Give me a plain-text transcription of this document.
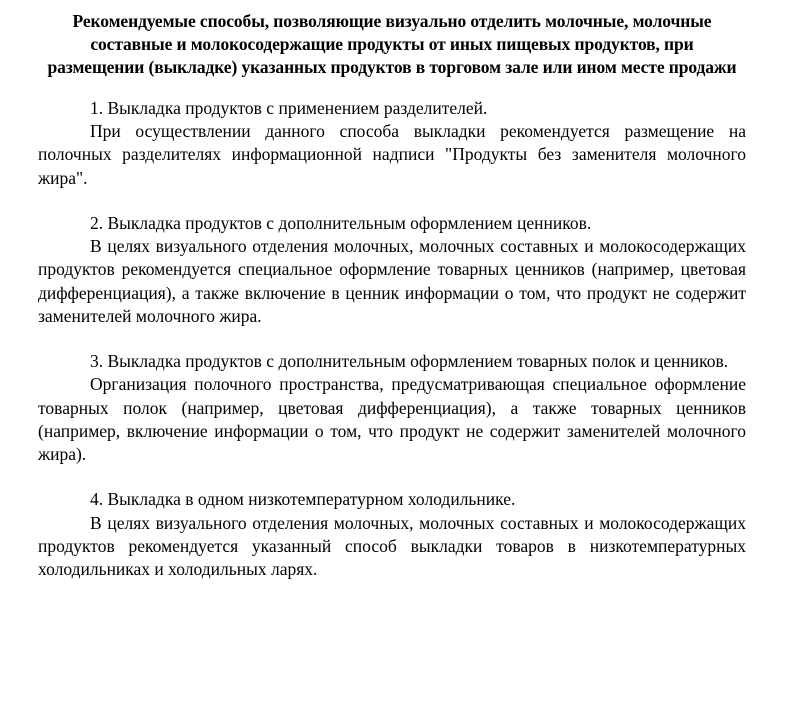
Рекомендуемые способы, позволяющие визуально отделить молочные, молочные составные и молокосодержащие продукты от иных пищевых продуктов, при размещении (выкладке) указанных продуктов в торговом зале или ином месте продажи

1. Выкладка продуктов с применением разделителей.

При осуществлении данного способа выкладки рекомендуется размещение на полочных разделителях информационной надписи "Продукты без заменителя молочного жира".

2. Выкладка продуктов с дополнительным оформлением ценников.

В целях визуального отделения молочных, молочных составных и молокосодержащих продуктов рекомендуется специальное оформление товарных ценников (например, цветовая дифференциация), а также включение в ценник информации о том, что продукт не содержит заменителей молочного жира.

3. Выкладка продуктов с дополнительным оформлением товарных полок и ценников.

Организация полочного пространства, предусматривающая специальное оформление товарных полок (например, цветовая дифференциация), а также товарных ценников (например, включение информации о том, что продукт не содержит заменителей молочного жира).

4. Выкладка в одном низкотемпературном холодильнике.

В целях визуального отделения молочных, молочных составных и молокосодержащих продуктов рекомендуется указанный способ выкладки товаров в низкотемпературных холодильниках и холодильных ларях.
